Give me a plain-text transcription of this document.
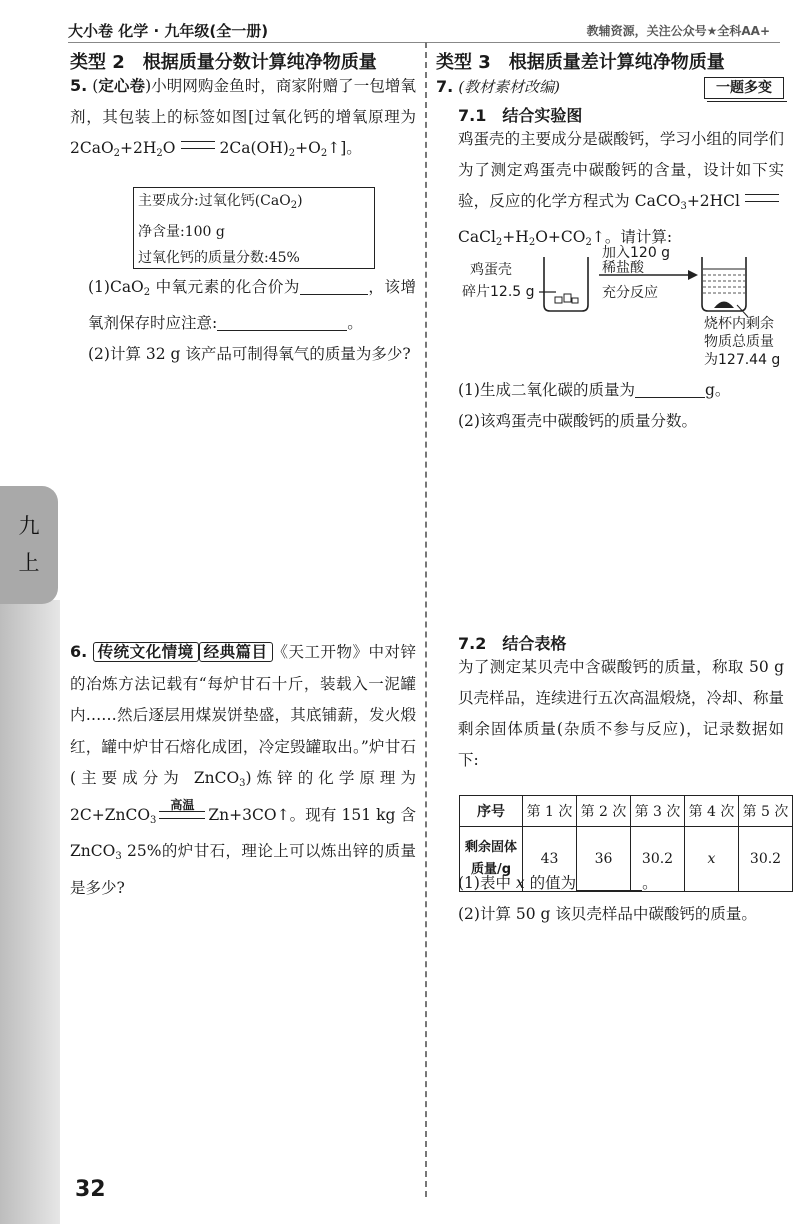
大小卷 化学 · 九年级(全一册)	教辅资源，关注公众号★全科AA+
九
上
32
类型 2　根据质量分数计算纯净物质量

5. (定心卷)小明网购金鱼时，商家附赠了一包增氧剂，其包装上的标签如图[过氧化钙的增氧原理为 $2CaO_2+2H_2O$	$2Ca(OH)_2+O_2↑$]。

主要成分:过氧化钙(CaO$_2$)
净含量:100 g
过氧化钙的质量分数:45%

(1)CaO$_2$ 中氧元素的化合价为	，该增氧剂保存时应注意:	。

(2)计算 32 g 该产品可制得氧气的质量为多少?

6. 传统文化情境 经典篇目 《天工开物》中对锌的冶炼方法记载有“每炉甘石十斤，装载入一泥罐内……然后逐层用煤炭饼垫盛，其底铺薪，发火煅红，罐中炉甘石熔化成团，冷定毁罐取出。”炉甘石(主要成分为 ZnCO$_3$)炼锌的化学原理为 2C+ZnCO$_3$
高温
Zn+3CO↑。现有 151 kg 含 ZnCO$_3$ 25%的炉甘石，理论上可以炼出锌的质量是多少?

类型 3　根据质量差计算纯净物质量
7. (教材素材改编)	一题多变
7.1　结合实验图

鸡蛋壳的主要成分是碳酸钙，学习小组的同学们为了测定鸡蛋壳中碳酸钙的含量，设计如下实验，反应的化学方程式为 $CaCO_3+2HClCaCl_2+H_2O+CO_2↑$。请计算:

鸡蛋壳
碎片12.5 g
加入120 g
稀盐酸
充分反应
烧杯内剩余
物质总质量
为127.44 g

(1)生成二氧化碳的质量为	g。

(2)该鸡蛋壳中碳酸钙的质量分数。

7.2　结合表格
为了测定某贝壳中含碳酸钙的质量，称取 50 g 贝壳样品，连续进行五次高温煅烧，冷却、称量剩余固体质量(杂质不参与反应)，记录数据如下:
序号	第 1 次	第 2 次	第 3 次	第 4 次	第 5 次

剩余固体
质量/g	43	36	30.2	x	30.2

(1)表中 x 的值为	。

(2)计算 50 g 该贝壳样品中碳酸钙的质量。
